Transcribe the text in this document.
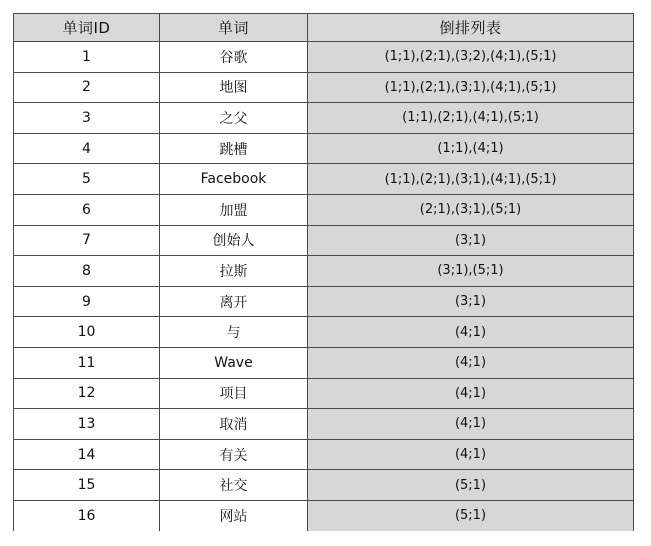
单词ID	单词	倒排列表
1	谷歌	(1;1),(2;1),(3;2),(4;1),(5;1)
2	地图	(1;1),(2;1),(3;1),(4;1),(5;1)
3	之父	(1;1),(2;1),(4;1),(5;1)
4	跳槽	(1;1),(4;1)
5	Facebook	(1;1),(2;1),(3;1),(4;1),(5;1)
6	加盟	(2;1),(3;1),(5;1)
7	创始人	(3;1)
8	拉斯	(3;1),(5;1)
9	离开	(3;1)
10	与	(4;1)
11	Wave	(4;1)
12	项目	(4;1)
13	取消	(4;1)
14	有关	(4;1)
15	社交	(5;1)
16	网站	(5;1)
